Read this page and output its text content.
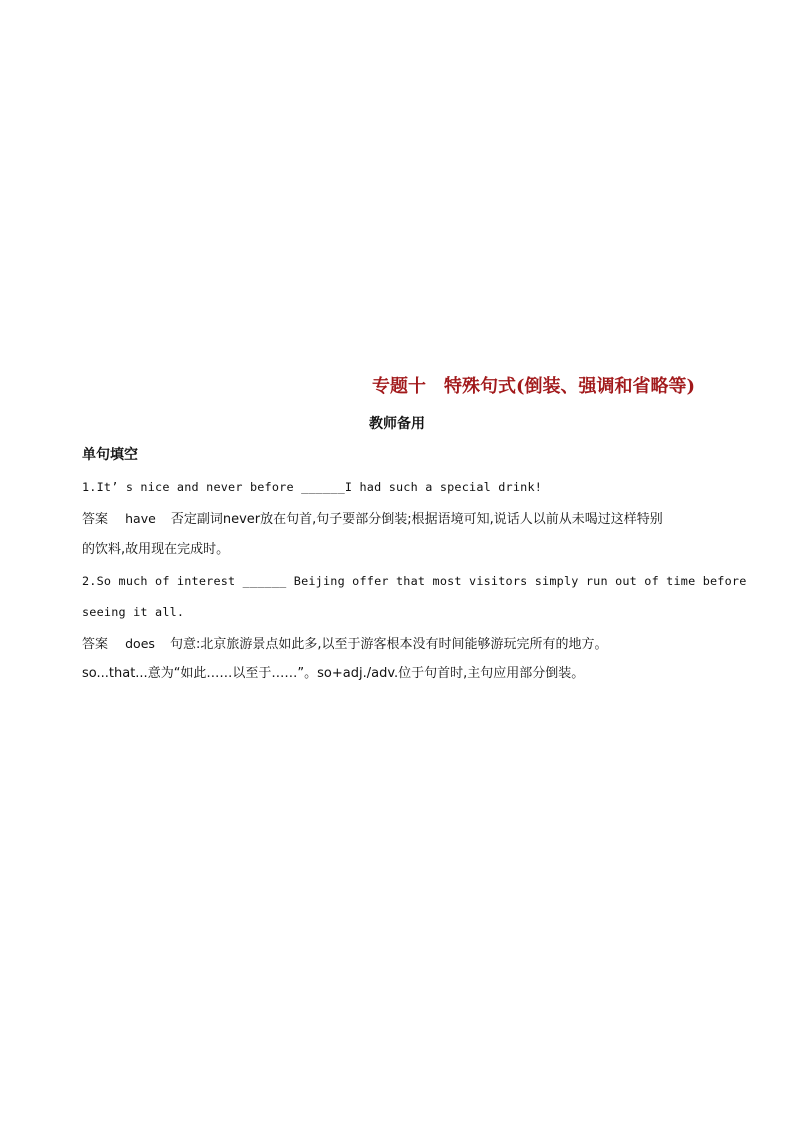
专题十　特殊句式(倒装、强调和省略等)
教师备用
单句填空

1.It’ s nice and never before ______I had such a special drink!

答案 have 否定副词never放在句首,句子要部分倒装;根据语境可知,说话人以前从未喝过这样特别

的饮料,故用现在完成时。

2.So much of interest ______ Beijing offer that most visitors simply run out of time before

seeing it all.

答案 does 句意:北京旅游景点如此多,以至于游客根本没有时间能够游玩完所有的地方。

so...that...意为“如此……以至于……”。so+adj./adv.位于句首时,主句应用部分倒装。
